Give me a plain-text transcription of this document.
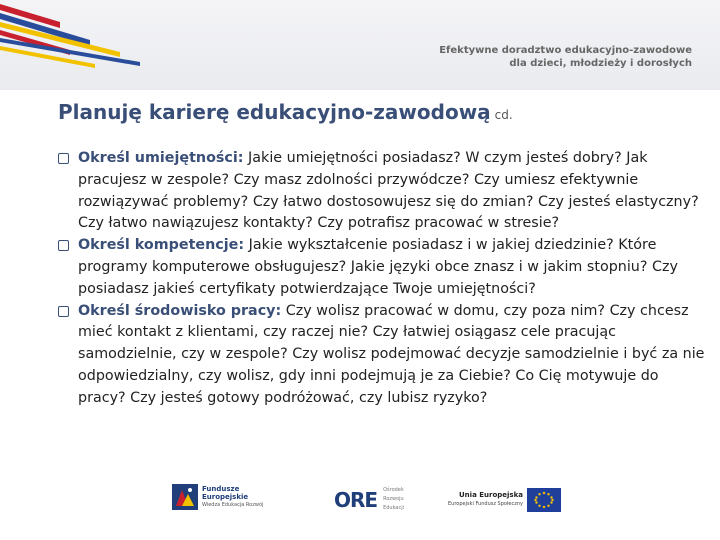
Efektywne doradztwo edukacyjno-zawodowe
dla dzieci, młodzieży i dorosłych
Planuję karierę edukacyjno-zawodową cd.
Określ umiejętności: Jakie umiejętności posiadasz? W czym jesteś dobry? Jak pracujesz w zespole? Czy masz zdolności przywódcze? Czy umiesz efektywnie rozwiązywać problemy? Czy łatwo dostosowujesz się do zmian? Czy jesteś elastyczny? Czy łatwo nawiązujesz kontakty? Czy potrafisz pracować w stresie?
Określ kompetencje: Jakie wykształcenie posiadasz i w jakiej dziedzinie? Które programy komputerowe obsługujesz? Jakie języki obce znasz i w jakim stopniu? Czy posiadasz jakieś certyfikaty potwierdzające Twoje umiejętności?
Określ środowisko pracy: Czy wolisz pracować w domu, czy poza nim? Czy chcesz mieć kontakt z klientami, czy raczej nie? Czy łatwiej osiągasz cele pracując samodzielnie, czy w zespole? Czy wolisz podejmować decyzje samodzielnie i być za nie odpowiedzialny, czy wolisz, gdy inni podejmują je za Ciebie? Co Cię motywuje do pracy? Czy jesteś gotowy podróżować, czy lubisz ryzyko?
Fundusze
Europejskie
Wiedza Edukacja Rozwój	ORE Ośrodek
Rozwoju
Edukacji
Unia Europejska
Europejski Fundusz Społeczny
